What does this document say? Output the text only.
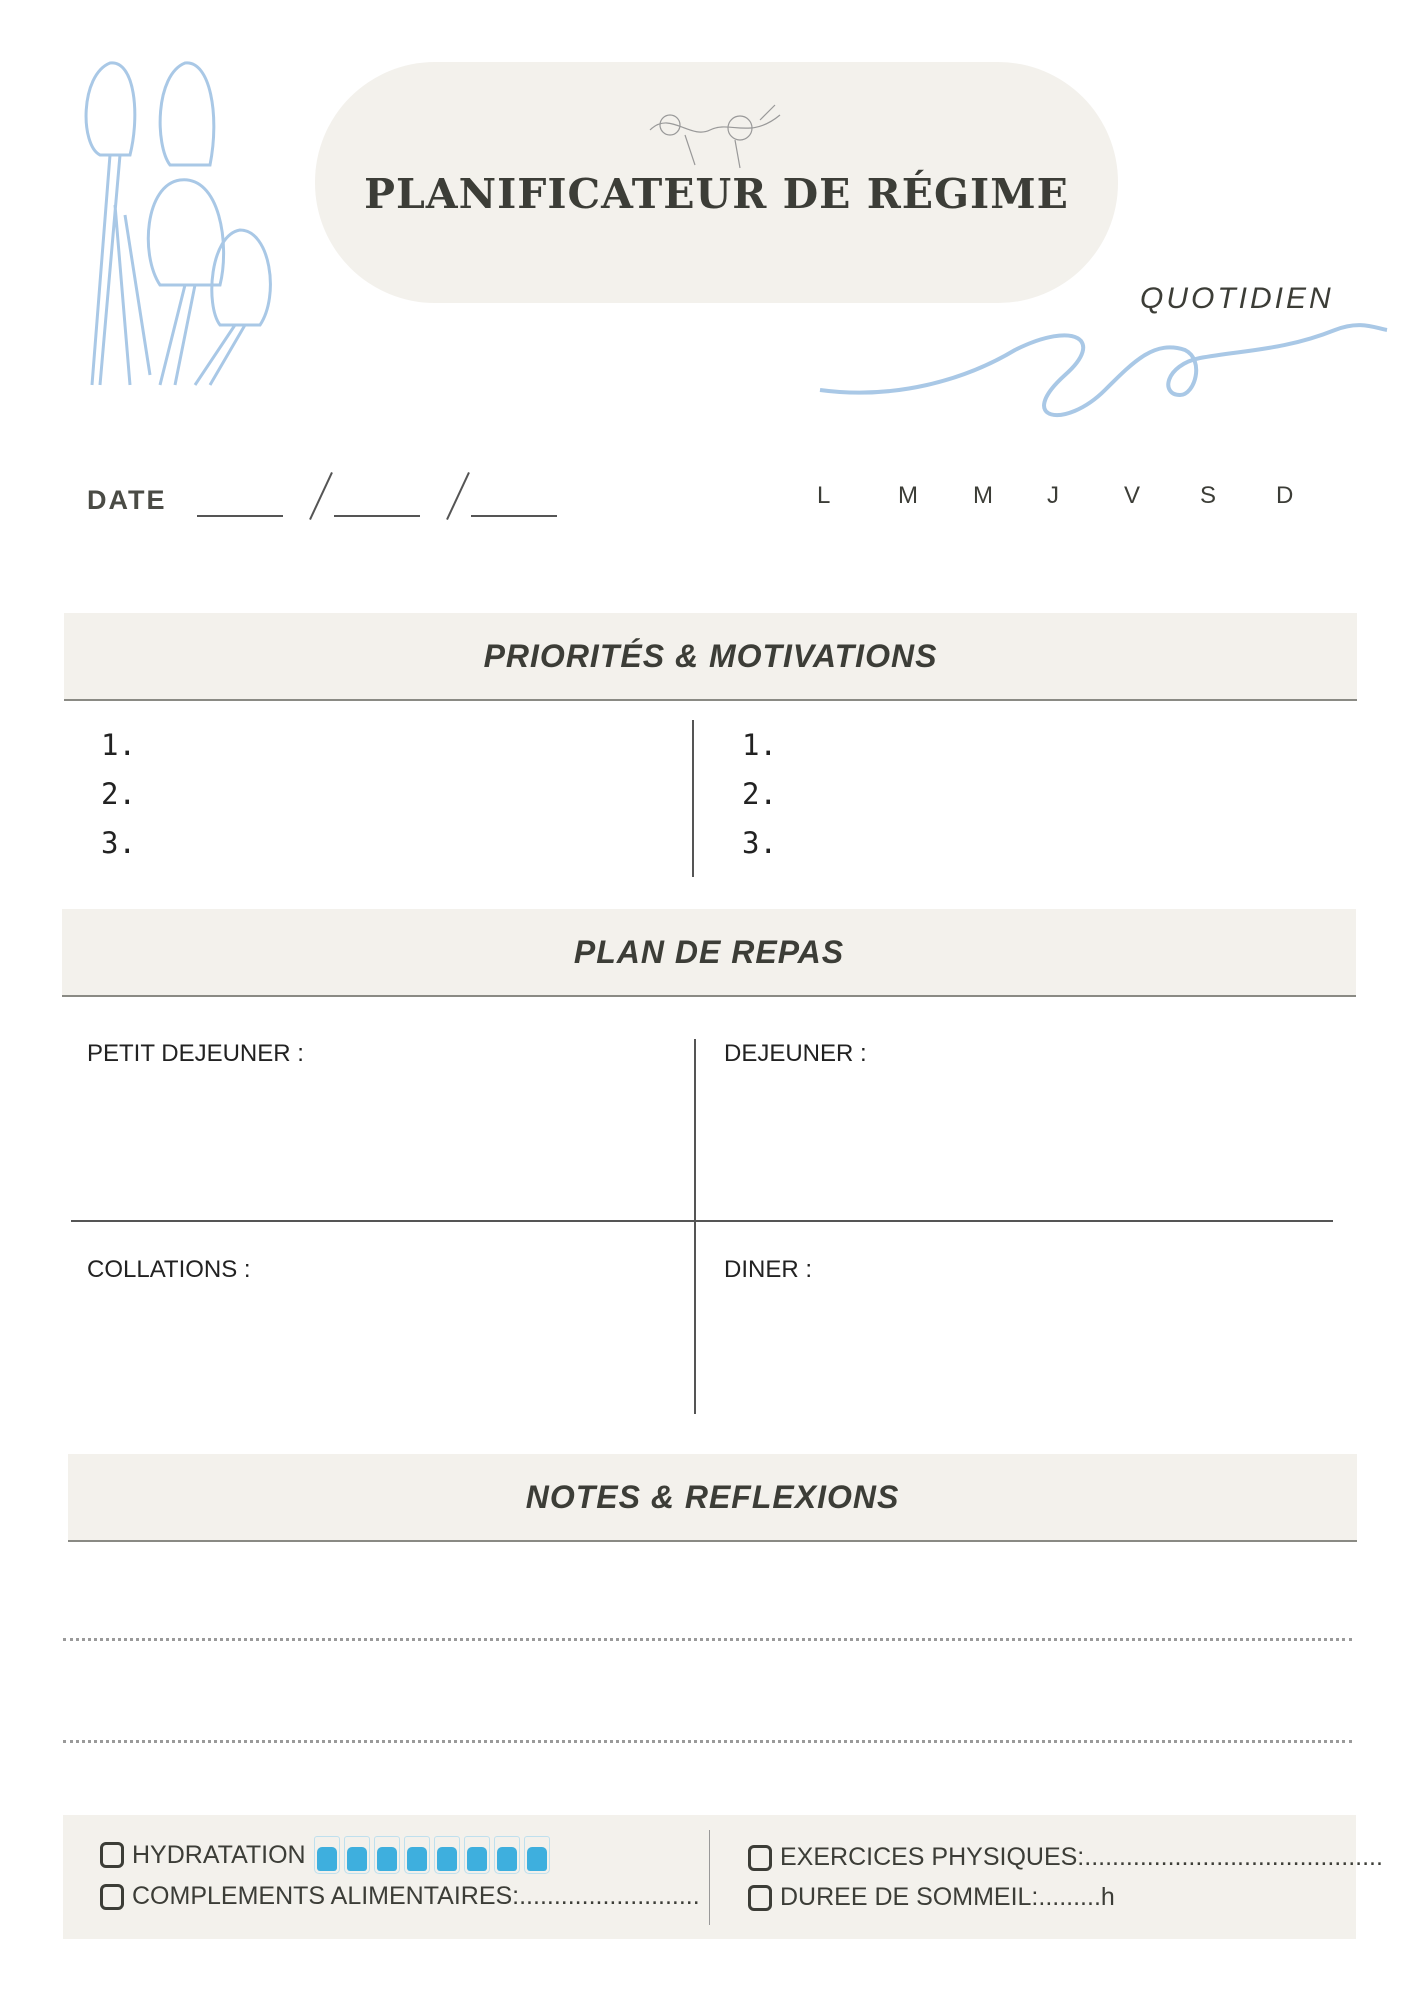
PLANIFICATEUR DE RÉGIME
QUOTIDIEN
DATE	L	M M J	V S D
PRIORITÉS & MOTIVATIONS
1.
2.
3.
1.
2.
3.
PLAN DE REPAS
PETIT DEJEUNER :	DEJEUNER :
COLLATIONS :	DINER :
NOTES & REFLEXIONS
HYDRATATION
COMPLEMENTS ALIMENTAIRES:..........................
EXERCICES PHYSIQUES:...........................................
DUREE DE SOMMEIL:.........h
